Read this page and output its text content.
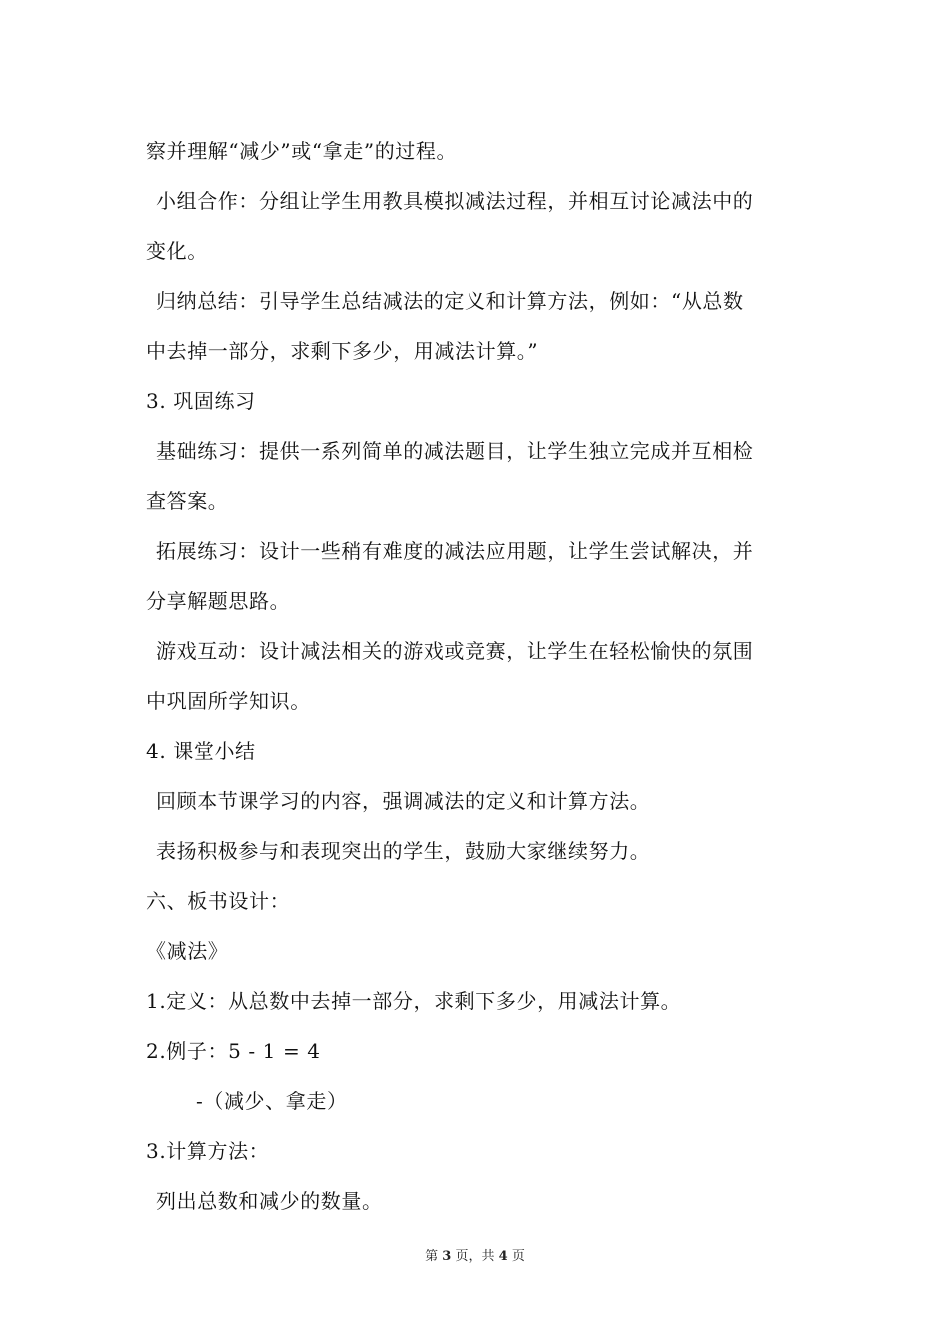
察并理解“减少”或“拿走”的过程。
小组合作：分组让学生用教具模拟减法过程，并相互讨论减法中的
变化。
归纳总结：引导学生总结减法的定义和计算方法，例如：“从总数
中去掉一部分，求剩下多少，用减法计算。”
3. 巩固练习
基础练习：提供一系列简单的减法题目，让学生独立完成并互相检
查答案。
拓展练习：设计一些稍有难度的减法应用题，让学生尝试解决，并
分享解题思路。
游戏互动：设计减法相关的游戏或竞赛，让学生在轻松愉快的氛围
中巩固所学知识。
4. 课堂小结
回顾本节课学习的内容，强调减法的定义和计算方法。
表扬积极参与和表现突出的学生，鼓励大家继续努力。
六、板书设计：
《减法》
1.定义：从总数中去掉一部分，求剩下多少，用减法计算。
2.例子：5 - 1 = 4
-（减少、拿走）
3.计算方法：
列出总数和减少的数量。
第 3 页，共 4 页
